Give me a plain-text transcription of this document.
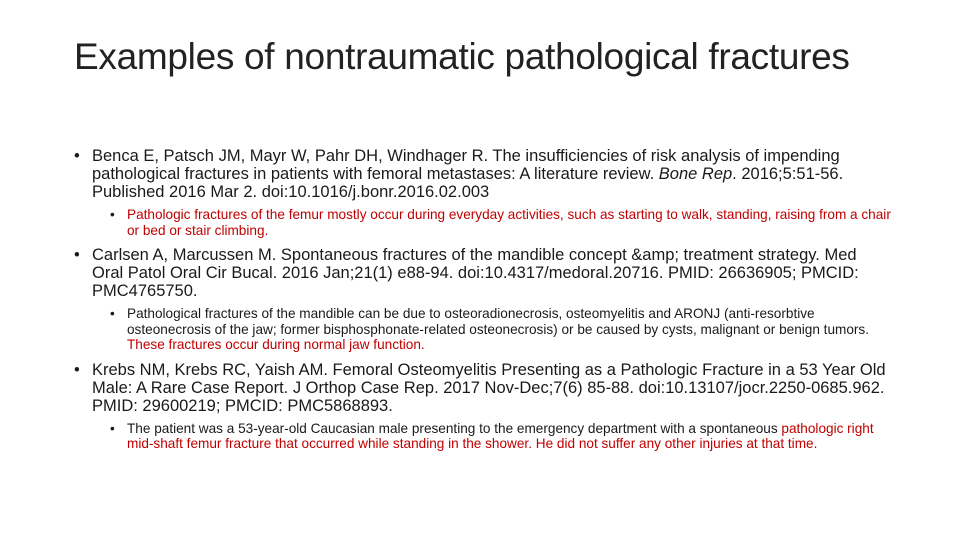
Examples of nontraumatic pathological fractures
• Benca E, Patsch JM, Mayr W, Pahr DH, Windhager R. The insufficiencies of risk analysis of impending pathological fractures in patients with femoral metastases: A literature review. Bone Rep. 2016;5:51-56. Published 2016 Mar 2. doi:10.1016/j.bonr.2016.02.003
• Pathologic fractures of the femur mostly occur during everyday activities, such as starting to walk, standing, raising from a chair or bed or stair climbing.
• Carlsen A, Marcussen M. Spontaneous fractures of the mandible concept &amp; treatment strategy. Med Oral Patol Oral Cir Bucal. 2016 Jan;21(1) e88-94. doi:10.4317/medoral.20716. PMID: 26636905; PMCID: PMC4765750.
• Pathological fractures of the mandible can be due to osteoradionecrosis, osteomyelitis and ARONJ (anti-resorbtive osteonecrosis of the jaw; former bisphosphonate-related osteonecrosis) or be caused by cysts, malignant or benign tumors. These fractures occur during normal jaw function.
• Krebs NM, Krebs RC, Yaish AM. Femoral Osteomyelitis Presenting as a Pathologic Fracture in a 53 Year Old Male: A Rare Case Report. J Orthop Case Rep. 2017 Nov-Dec;7(6) 85-88. doi:10.13107/jocr.2250-0685.962. PMID: 29600219; PMCID: PMC5868893.
• The patient was a 53-year-old Caucasian male presenting to the emergency department with a spontaneous pathologic right mid-shaft femur fracture that occurred while standing in the shower. He did not suffer any other injuries at that time.
